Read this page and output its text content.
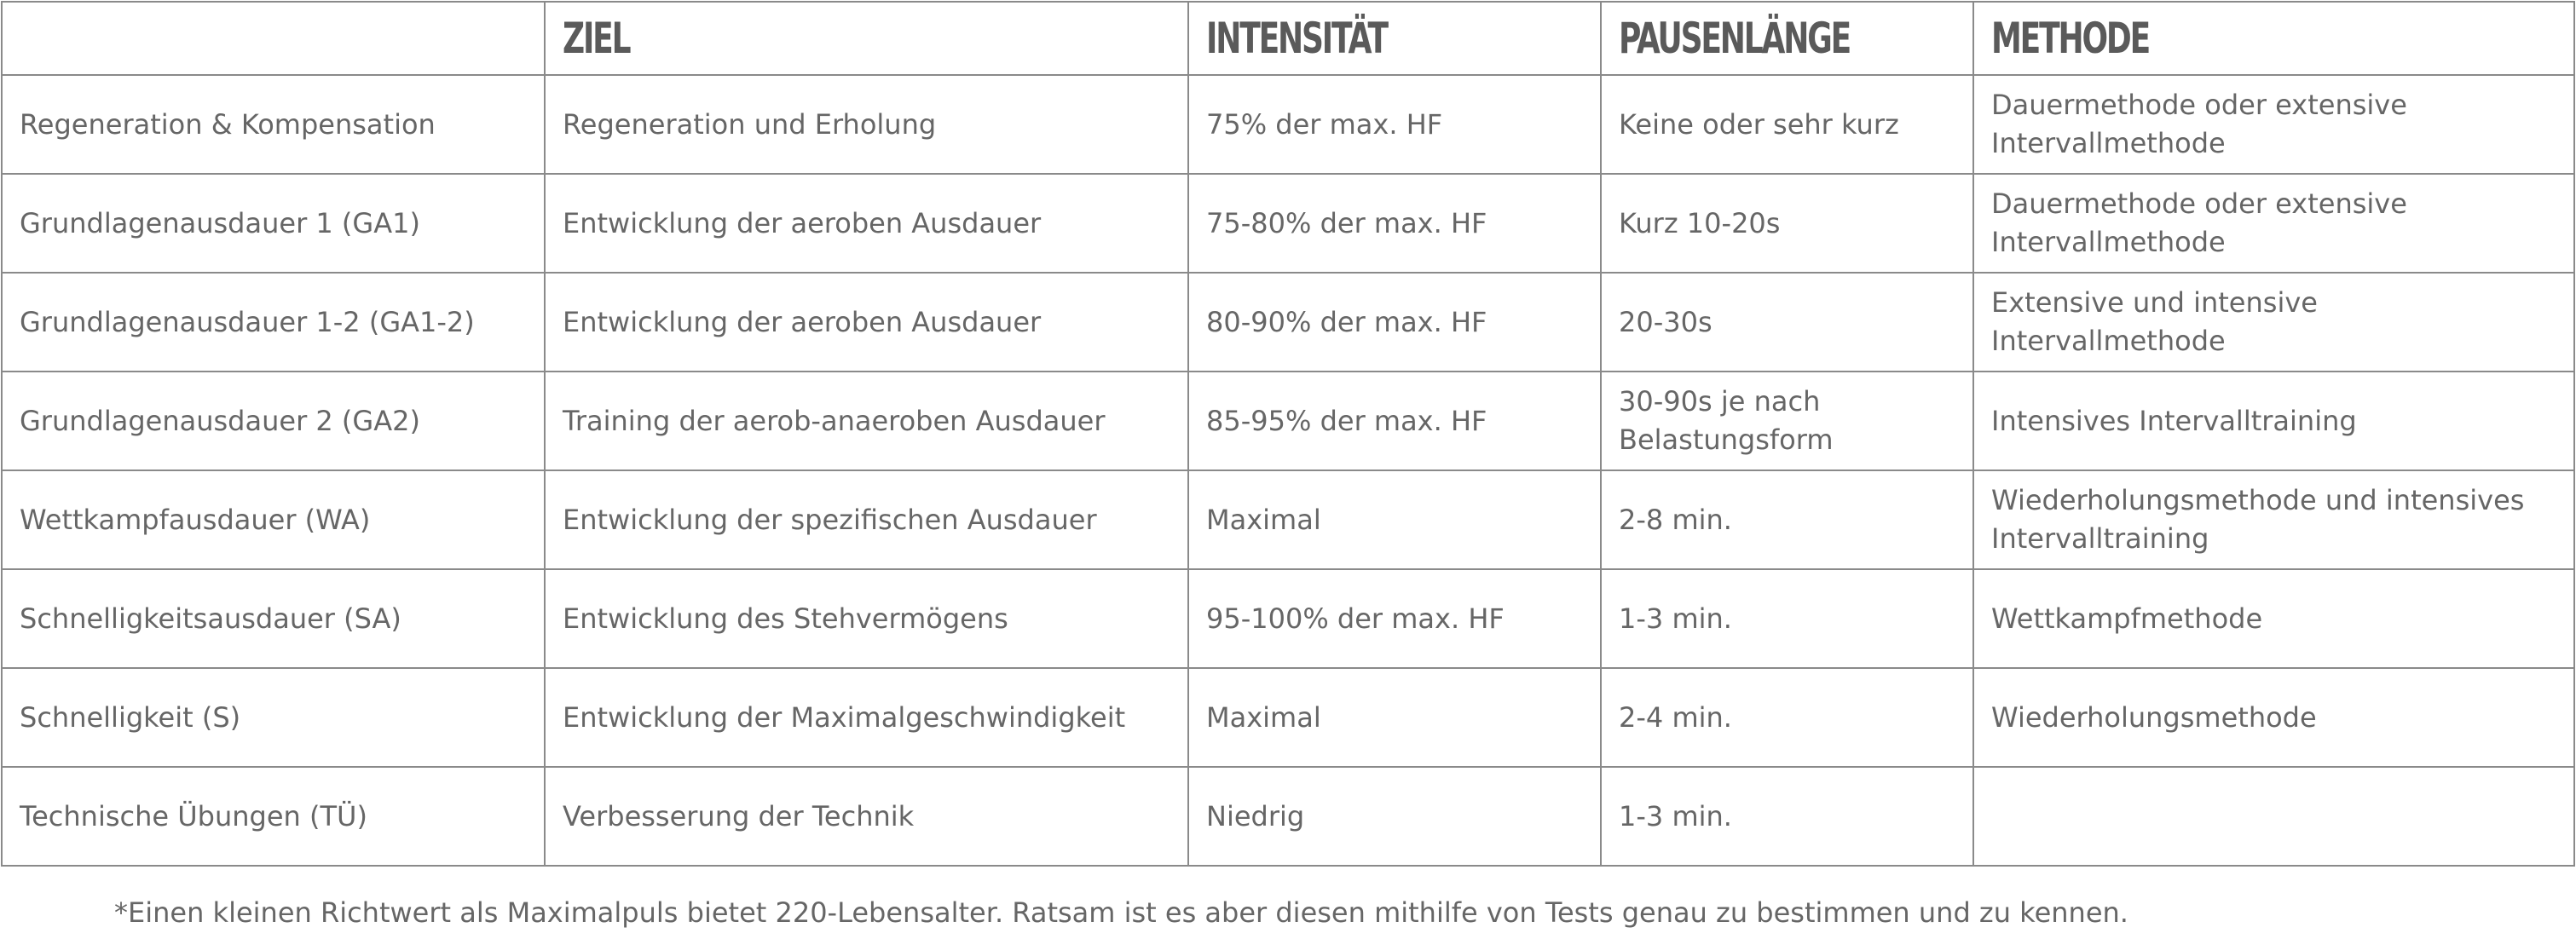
	ZIEL	INTENSITÄT	PAUSENLÄNGE	METHODE
Regeneration & Kompensation	Regeneration und Erholung	75% der max. HF	Keine oder sehr kurz	Dauermethode oder extensive Intervallmethode
Grundlagenausdauer 1 (GA1)	Entwicklung der aeroben Ausdauer	75-80% der max. HF	Kurz 10-20s	Dauermethode oder extensive Intervallmethode
Grundlagenausdauer 1-2 (GA1-2)	Entwicklung der aeroben Ausdauer	80-90% der max. HF	20-30s	Extensive und intensive Intervallmethode
Grundlagenausdauer 2 (GA2)	Training der aerob-anaeroben Ausdauer	85-95% der max. HF	30-90s je nach Belastungsform	Intensives Intervalltraining
Wettkampfausdauer (WA)	Entwicklung der spezifischen Ausdauer	Maximal	2-8 min.	Wiederholungsmethode und intensives Intervalltraining
Schnelligkeitsausdauer (SA)	Entwicklung des Stehvermögens	95-100% der max. HF	1-3 min.	Wettkampfmethode
Schnelligkeit (S)	Entwicklung der Maximalgeschwindigkeit	Maximal	2-4 min.	Wiederholungsmethode
Technische Übungen (TÜ)	Verbesserung der Technik	Niedrig	1-3 min.	
*Einen kleinen Richtwert als Maximalpuls bietet 220-Lebensalter. Ratsam ist es aber diesen mithilfe von Tests genau zu bestimmen und zu kennen.
